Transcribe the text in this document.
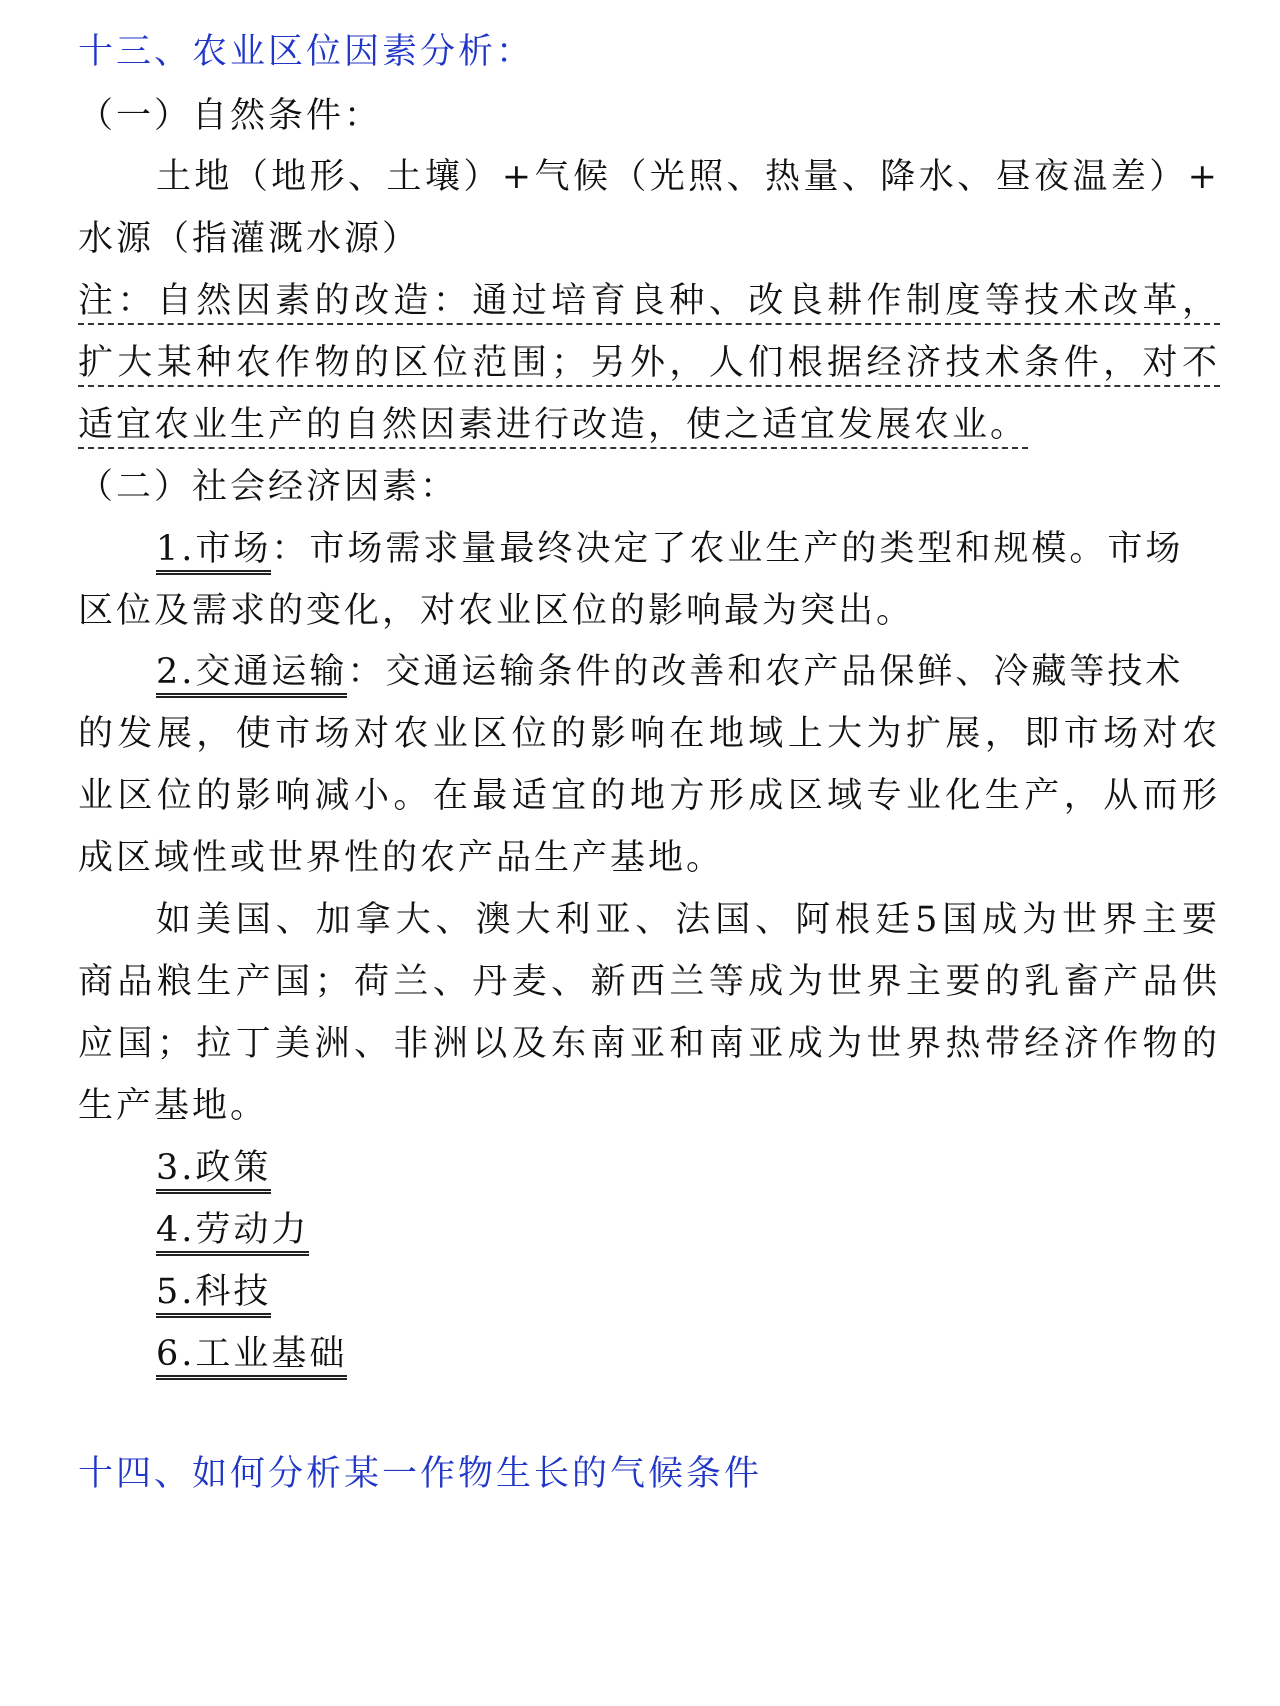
十三、农业区位因素分析：
（一）自然条件：
土地（地形、土壤）+气候（光照、热量、降水、昼夜温差）+
水源（指灌溉水源）
注：自然因素的改造：通过培育良种、改良耕作制度等技术改革，
扩大某种农作物的区位范围；另外，人们根据经济技术条件，对不
适宜农业生产的自然因素进行改造，使之适宜发展农业。
（二）社会经济因素：
1.市场：市场需求量最终决定了农业生产的类型和规模。市场
区位及需求的变化，对农业区位的影响最为突出。
2.交通运输：交通运输条件的改善和农产品保鲜、冷藏等技术
的发展，使市场对农业区位的影响在地域上大为扩展，即市场对农
业区位的影响减小。在最适宜的地方形成区域专业化生产，从而形
成区域性或世界性的农产品生产基地。
如美国、加拿大、澳大利亚、法国、阿根廷5国成为世界主要
商品粮生产国；荷兰、丹麦、新西兰等成为世界主要的乳畜产品供
应国；拉丁美洲、非洲以及东南亚和南亚成为世界热带经济作物的
生产基地。
3.政策
4.劳动力
5.科技
6.工业基础
十四、如何分析某一作物生长的气候条件
